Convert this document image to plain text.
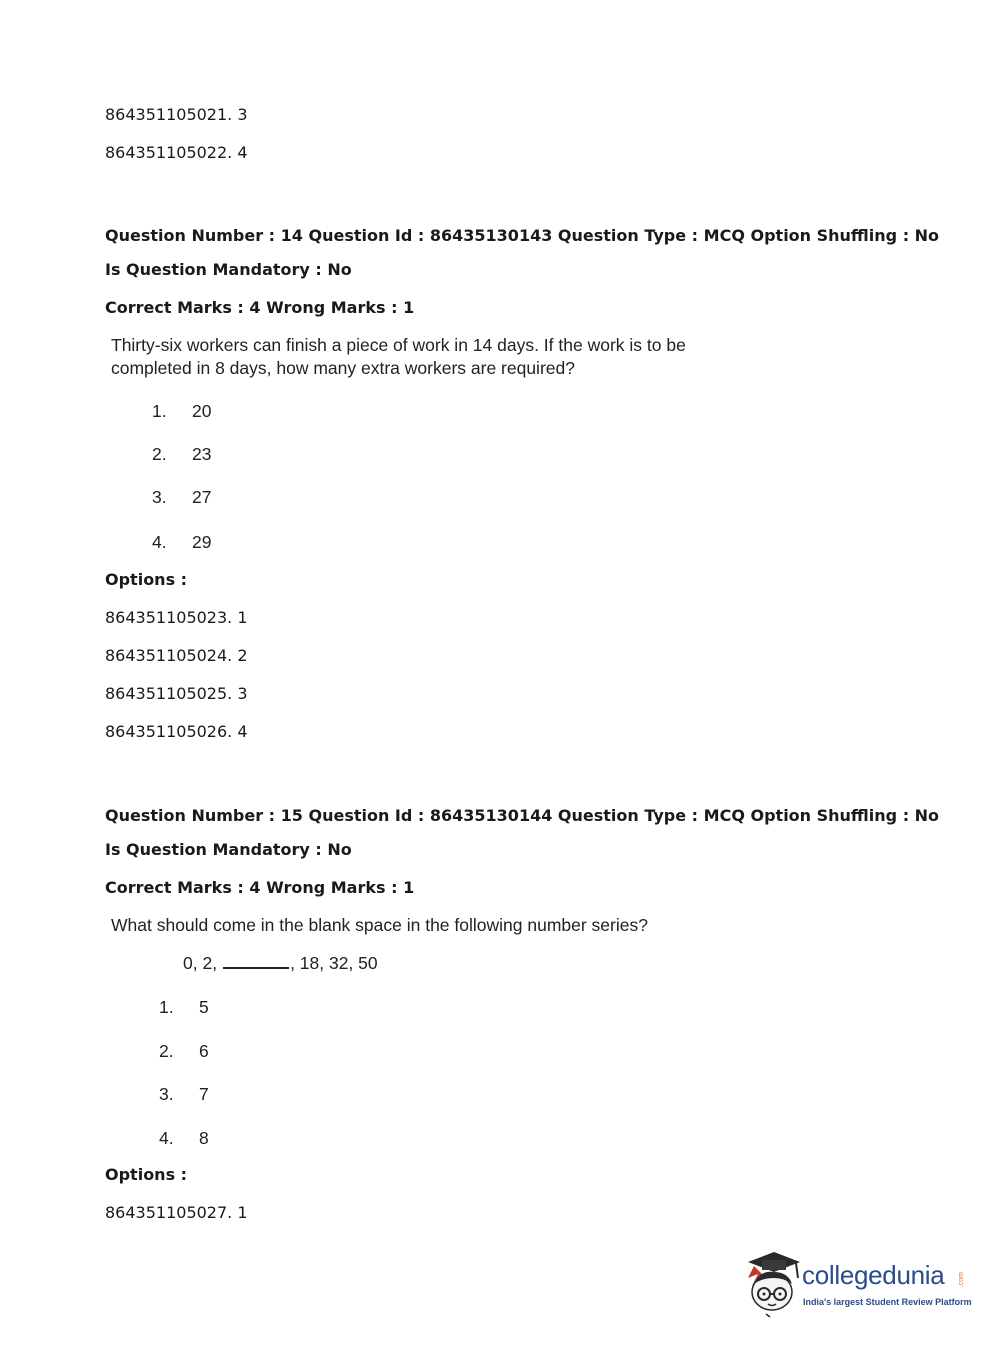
864351105021. 3
864351105022. 4
Question Number : 14 Question Id : 86435130143 Question Type : MCQ Option Shuffling : No
Is Question Mandatory : No
Correct Marks : 4 Wrong Marks : 1
Thirty-six workers can finish a piece of work in 14 days. If the work is to be
completed in 8 days, how many extra workers are required?
1. 20
2. 23
3. 27
4. 29
Options :
864351105023. 1
864351105024. 2
864351105025. 3
864351105026. 4
Question Number : 15 Question Id : 86435130144 Question Type : MCQ Option Shuffling : No
Is Question Mandatory : No
Correct Marks : 4 Wrong Marks : 1
What should come in the blank space in the following number series?
0, 2,	, 18, 32, 50
1. 5
2. 6
3. 7
4. 8
Options :
864351105027. 1
collegedunia .com
India's largest Student Review Platform
